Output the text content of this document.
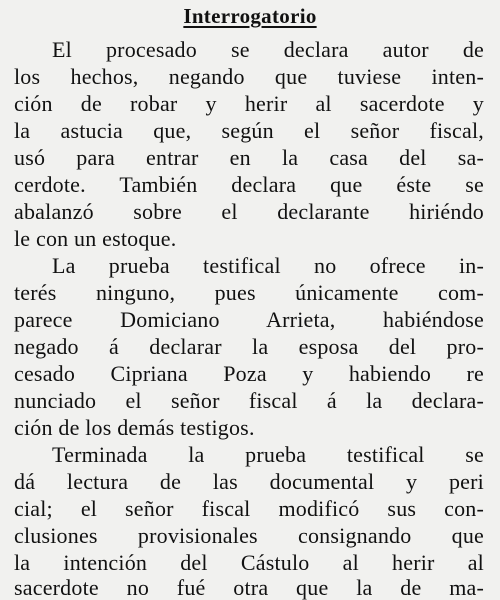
Interrogatorio
El procesado se declara autor de
los hechos, negando que tuviese inten-
ción de robar y herir al sacerdote y
la astucia que, según el señor fiscal,
usó para entrar en la casa del sa-
cerdote. También declara que éste se
abalanzó sobre el declarante hiriéndo
le con un estoque.
La prueba testifical no ofrece in-
terés ninguno, pues únicamente com-
parece Domiciano Arrieta, habiéndose
negado á declarar la esposa del pro-
cesado Cipriana Poza y habiendo re
nunciado el señor fiscal á la declara-
ción de los demás testigos.
Terminada la prueba testifical se
dá lectura de las documental y peri
cial; el señor fiscal modificó sus con-
clusiones provisionales consignando que
la intención del Cástulo al herir al
sacerdote no fué otra que la de ma-
